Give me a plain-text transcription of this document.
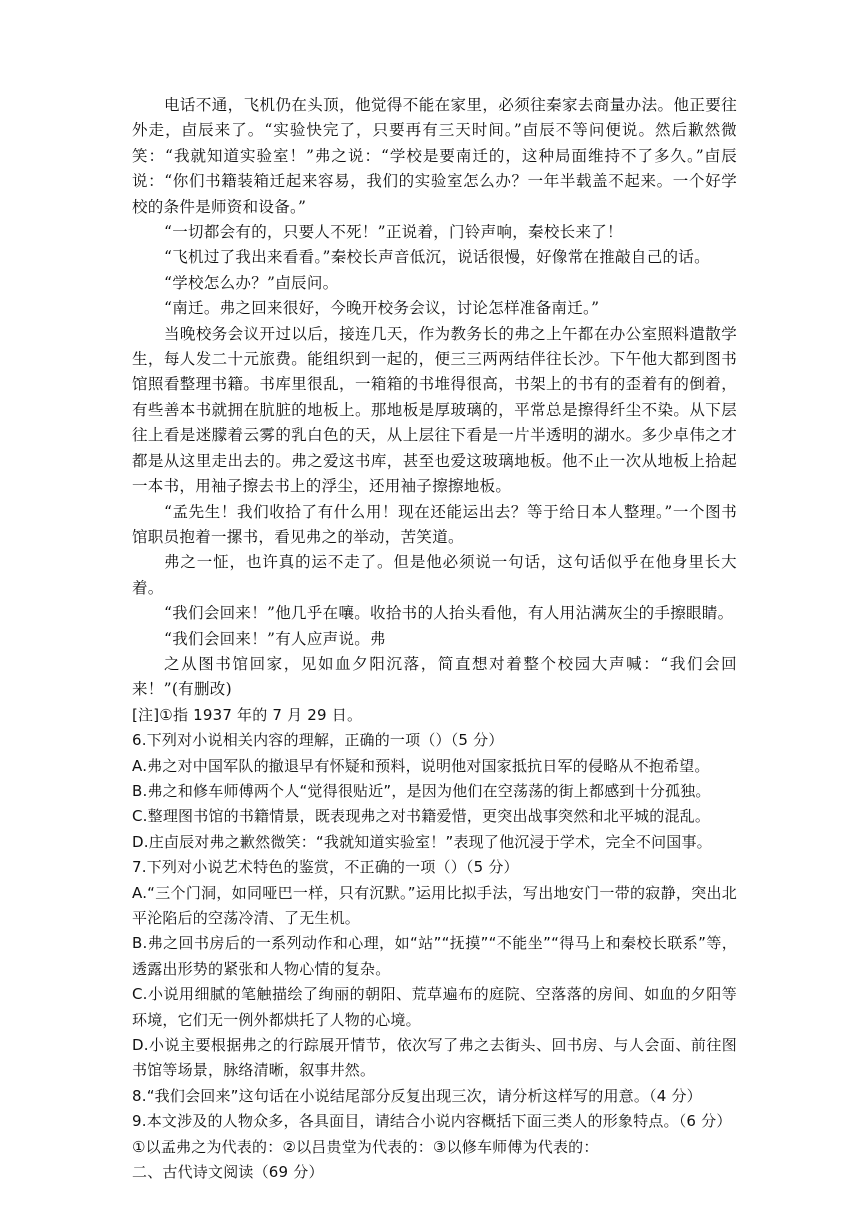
电话不通，飞机仍在头顶，他觉得不能在家里，必须往秦家去商量办法。他正要往外走，卣辰来了。“实验快完了，只要再有三天时间。”卣辰不等问便说。然后歉然微笑：“我就知道实验室！”弗之说：“学校是要南迁的，这种局面维持不了多久。”卣辰说：“你们书籍装箱迁起来容易，我们的实验室怎么办？一年半载盖不起来。一个好学校的条件是师资和设备。”

“一切都会有的，只要人不死！”正说着，门铃声响，秦校长来了！

“飞机过了我出来看看。”秦校长声音低沉，说话很慢，好像常在推敲自己的话。

“学校怎么办？”卣辰问。

“南迁。弗之回来很好，今晚开校务会议，讨论怎样准备南迁。”

当晚校务会议开过以后，接连几天，作为教务长的弗之上午都在办公室照料遣散学生，每人发二十元旅费。能组织到一起的，便三三两两结伴往长沙。下午他大都到图书馆照看整理书籍。书库里很乱，一箱箱的书堆得很高，书架上的书有的歪着有的倒着，有些善本书就拥在肮脏的地板上。那地板是厚玻璃的，平常总是擦得纤尘不染。从下层往上看是迷朦着云雾的乳白色的天，从上层往下看是一片半透明的湖水。多少卓伟之才都是从这里走出去的。弗之爱这书库，甚至也爱这玻璃地板。他不止一次从地板上拾起一本书，用袖子擦去书上的浮尘，还用袖子擦擦地板。

“孟先生！我们收拾了有什么用！现在还能运出去？等于给日本人整理。”一个图书馆职员抱着一摞书，看见弗之的举动，苦笑道。

弗之一怔，也许真的运不走了。但是他必须说一句话，这句话似乎在他身里长大着。

“我们会回来！”他几乎在嚷。收拾书的人抬头看他，有人用沾满灰尘的手擦眼睛。

“我们会回来！”有人应声说。弗

之从图书馆回家，见如血夕阳沉落，简直想对着整个校园大声喊：“我们会回来！”(有删改)

[注]①指 1937 年的 7 月 29 日。

6.下列对小说相关内容的理解，正确的一项（）（5 分）

A.弗之对中国军队的撤退早有怀疑和预料，说明他对国家抵抗日军的侵略从不抱希望。

B.弗之和修车师傅两个人“觉得很贴近”，是因为他们在空荡荡的街上都感到十分孤独。

C.整理图书馆的书籍情景，既表现弗之对书籍爱惜，更突出战事突然和北平城的混乱。

D.庄卣辰对弗之歉然微笑：“我就知道实验室！”表现了他沉浸于学术，完全不问国事。

7.下列对小说艺术特色的鉴赏，不正确的一项（）（5 分）

A.“三个门洞，如同哑巴一样，只有沉默。”运用比拟手法，写出地安门一带的寂静，突出北平沦陷后的空荡冷清、了无生机。

B.弗之回书房后的一系列动作和心理，如“站”“抚摸”“不能坐”“得马上和秦校长联系”等，透露出形势的紧张和人物心情的复杂。

C.小说用细腻的笔触描绘了绚丽的朝阳、荒草遍布的庭院、空落落的房间、如血的夕阳等环境，它们无一例外都烘托了人物的心境。

D.小说主要根据弗之的行踪展开情节，依次写了弗之去街头、回书房、与人会面、前往图书馆等场景，脉络清晰，叙事井然。

8.“我们会回来”这句话在小说结尾部分反复出现三次，请分析这样写的用意。（4 分）

9.本文涉及的人物众多，各具面目，请结合小说内容概括下面三类人的形象特点。（6 分）

①以孟弗之为代表的：②以吕贵堂为代表的：③以修车师傅为代表的：

二、古代诗文阅读（69 分）
